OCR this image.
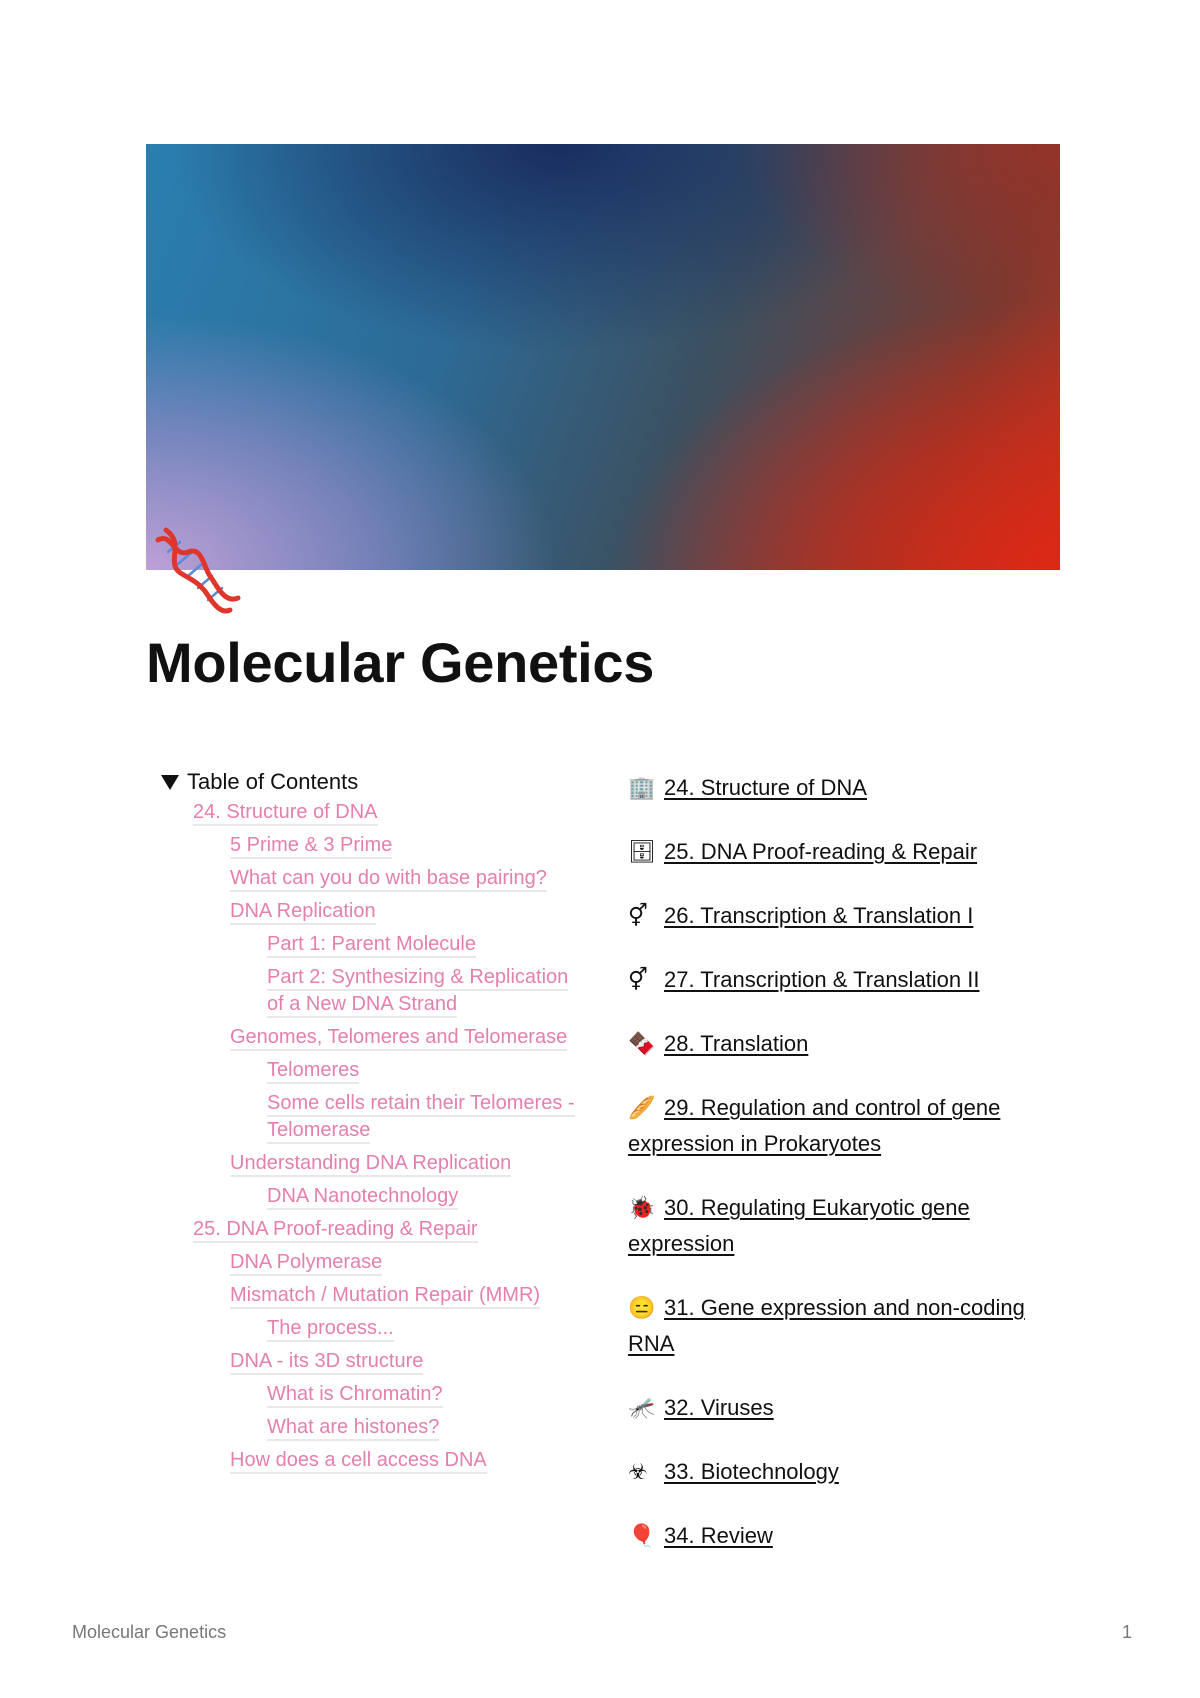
Molecular Genetics
Table of Contents
24. Structure of DNA
5 Prime & 3 Prime
What can you do with base pairing?
DNA Replication
Part 1: Parent Molecule
Part 2: Synthesizing & Replication of a New DNA Strand
Genomes, Telomeres and Telomerase
Telomeres
Some cells retain their Telomeres - Telomerase
Understanding DNA Replication
DNA Nanotechnology
25. DNA Proof-reading & Repair
DNA Polymerase
Mismatch / Mutation Repair (MMR)
The process...
DNA - its 3D structure
What is Chromatin?
What are histones?
How does a cell access DNA
🏢 24. Structure of DNA
🗄 25. DNA Proof-reading & Repair
⚥ 26. Transcription & Translation I
⚥ 27. Transcription & Translation II
🍫 28. Translation
🥖 29. Regulation and control of gene expression in Prokaryotes
🐞 30. Regulating Eukaryotic gene expression
😑 31. Gene expression and non-coding RNA
🦟 32. Viruses
☣ 33. Biotechnology
🎈 34. Review
Molecular Genetics	1
